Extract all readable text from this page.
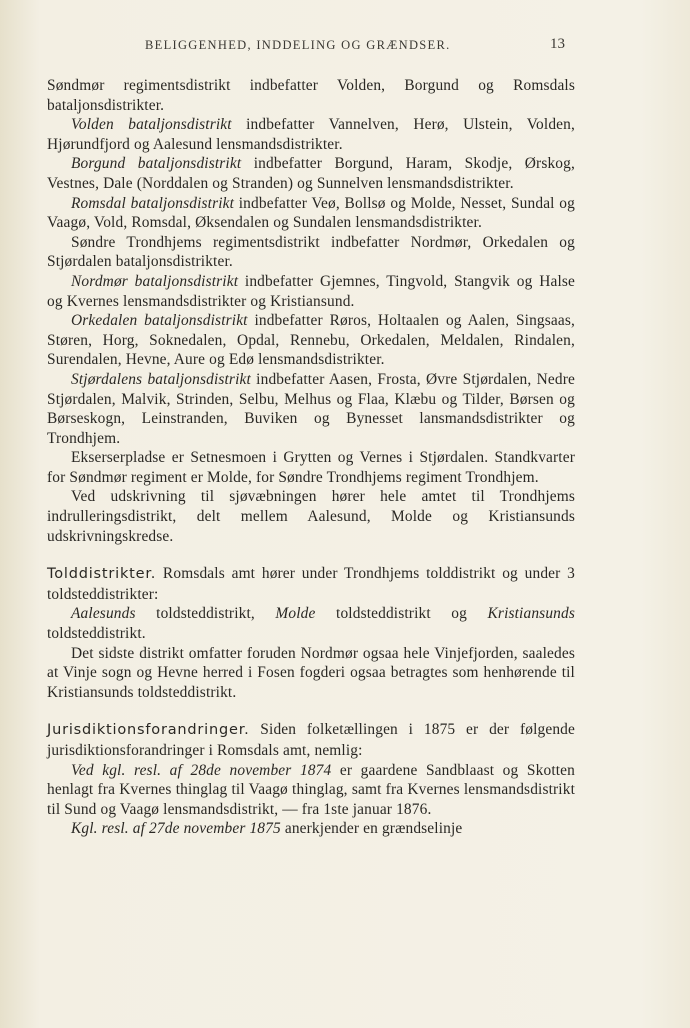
BELIGGENHED, INDDELING OG GRÆNDSER.	13

Søndmør regimentsdistrikt indbefatter Volden, Borgund og Romsdals bataljonsdistrikter.

Volden bataljonsdistrikt indbefatter Vannelven, Herø, Ulstein, Volden, Hjørundfjord og Aalesund lensmandsdistrikter.

Borgund bataljonsdistrikt indbefatter Borgund, Haram, Skodje, Ørskog, Vestnes, Dale (Norddalen og Stranden) og Sunnelven lensmandsdistrikter.

Romsdal bataljonsdistrikt indbefatter Veø, Bollsø og Molde, Nesset, Sundal og Vaagø, Vold, Romsdal, Øksendalen og Sundalen lensmandsdistrikter.

Søndre Trondhjems regimentsdistrikt indbefatter Nordmør, Orkedalen og Stjørdalen bataljonsdistrikter.

Nordmør bataljonsdistrikt indbefatter Gjemnes, Tingvold, Stangvik og Halse og Kvernes lensmandsdistrikter og Kristiansund.

Orkedalen bataljonsdistrikt indbefatter Røros, Holtaalen og Aalen, Singsaas, Støren, Horg, Soknedalen, Opdal, Rennebu, Orkedalen, Meldalen, Rindalen, Surendalen, Hevne, Aure og Edø lensmandsdistrikter.

Stjørdalens bataljonsdistrikt indbefatter Aasen, Frosta, Øvre Stjørdalen, Nedre Stjørdalen, Malvik, Strinden, Selbu, Melhus og Flaa, Klæbu og Tilder, Børsen og Børseskogn, Leinstranden, Buviken og Bynesset lansmandsdistrikter og Trondhjem.

Ekserserpladse er Setnesmoen i Grytten og Vernes i Stjørdalen. Standkvarter for Søndmør regiment er Molde, for Søndre Trondhjems regiment Trondhjem.

Ved udskrivning til sjøvæbningen hører hele amtet til Trondhjems indrulleringsdistrikt, delt mellem Aalesund, Molde og Kristiansunds udskrivningskredse.

Tolddistrikter. Romsdals amt hører under Trondhjems tolddistrikt og under 3 toldsteddistrikter:

Aalesunds toldsteddistrikt, Molde toldsteddistrikt og Kristiansunds toldsteddistrikt.

Det sidste distrikt omfatter foruden Nordmør ogsaa hele Vinjefjorden, saaledes at Vinje sogn og Hevne herred i Fosen fogderi ogsaa betragtes som henhørende til Kristiansunds toldsteddistrikt.

Jurisdiktionsforandringer. Siden folketællingen i 1875 er der følgende jurisdiktionsforandringer i Romsdals amt, nemlig:

Ved kgl. resl. af 28de november 1874 er gaardene Sandblaast og Skotten henlagt fra Kvernes thinglag til Vaagø thinglag, samt fra Kvernes lensmandsdistrikt til Sund og Vaagø lensmandsdistrikt, — fra 1ste januar 1876.

Kgl. resl. af 27de november 1875 anerkjender en grændselinje
